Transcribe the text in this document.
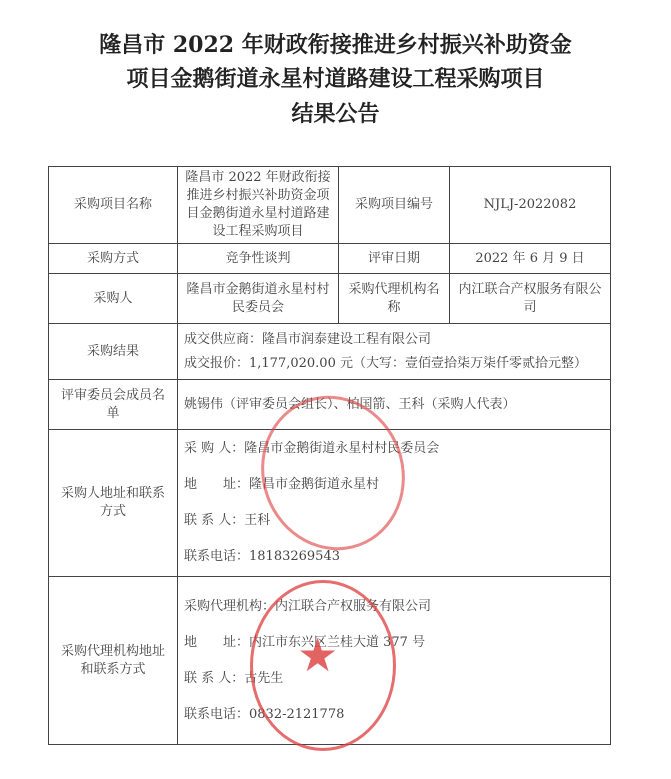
隆昌市 2022 年财政衔接推进乡村振兴补助资金
项目金鹅街道永星村道路建设工程采购项目
结果公告
采购项目名称	隆昌市 2022 年财政衔接推进乡村振兴补助资金项目金鹅街道永星村道路建设工程采购项目	采购项目编号	NJLJ-2022082
采购方式	竞争性谈判	评审日期	2022 年 6 月 9 日
采购人	隆昌市金鹅街道永星村村民委员会	采购代理机构名称	内江联合产权服务有限公司
采购结果	成交供应商：隆昌市润泰建设工程有限公司

成交报价：1,177,020.00 元（大写：壹佰壹拾柒万柒仟零贰拾元整）		

评审委员会成员名单	姚锡伟（评审委员会组长）、柏国箭、王科（采购人代表）		
采购人地址和联系方式	采 购 人：隆昌市金鹅街道永星村村民委员会

地　　址：隆昌市金鹅街道永星村

联 系 人：王科

联系电话：18183269543		

采购代理机构地址和联系方式	采购代理机构：内江联合产权服务有限公司

地　　址：内江市东兴区兰桂大道 377 号

联 系 人：古先生

联系电话：0832-2121778		

★
